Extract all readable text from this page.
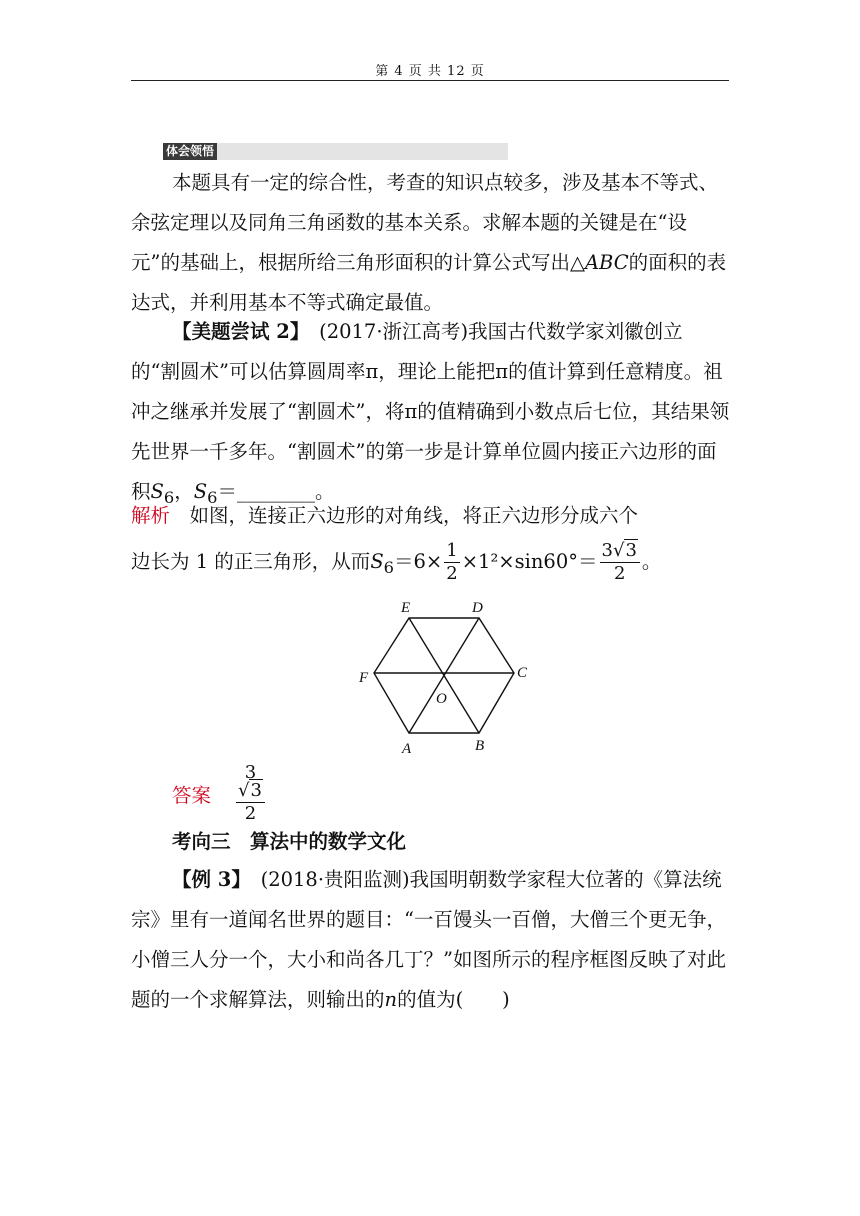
第 4 页 共 12 页
体会领悟
本题具有一定的综合性，考查的知识点较多，涉及基本不等式、余弦定理以及同角三角函数的基本关系。求解本题的关键是在“设元”的基础上，根据所给三角形面积的计算公式写出△ABC的面积的表达式，并利用基本不等式确定最值。
【美题尝试 2】　(2017·浙江高考)我国古代数学家刘徽创立的“割圆术”可以估算圆周率π，理论上能把π的值计算到任意精度。祖冲之继承并发展了“割圆术”，将π的值精确到小数点后七位，其结果领先世界一千多年。“割圆术”的第一步是计算单位圆内接正六边形的面积$S_6$，$S_6=\_\_\_\_\_\_\_\_$。
解析　如图，连接正六边形的对角线，将正六边形分成六个
边长为 1 的正三角形，从而$S_6=6\times \frac{1}{2} \times 1^2\times\sin 60^\circ= \frac{3√3}{2}$ 。
E	D
C
F
O
A	B
答案 $\frac{3√3}{2}$
考向三　算法中的数学文化
【例 3】　(2018·贵阳监测)我国明朝数学家程大位著的《算法统宗》里有一道闻名世界的题目：“一百馒头一百僧，大僧三个更无争，小僧三人分一个，大小和尚各几丁？”如图所示的程序框图反映了对此题的一个求解算法，则输出的n的值为(　　)
